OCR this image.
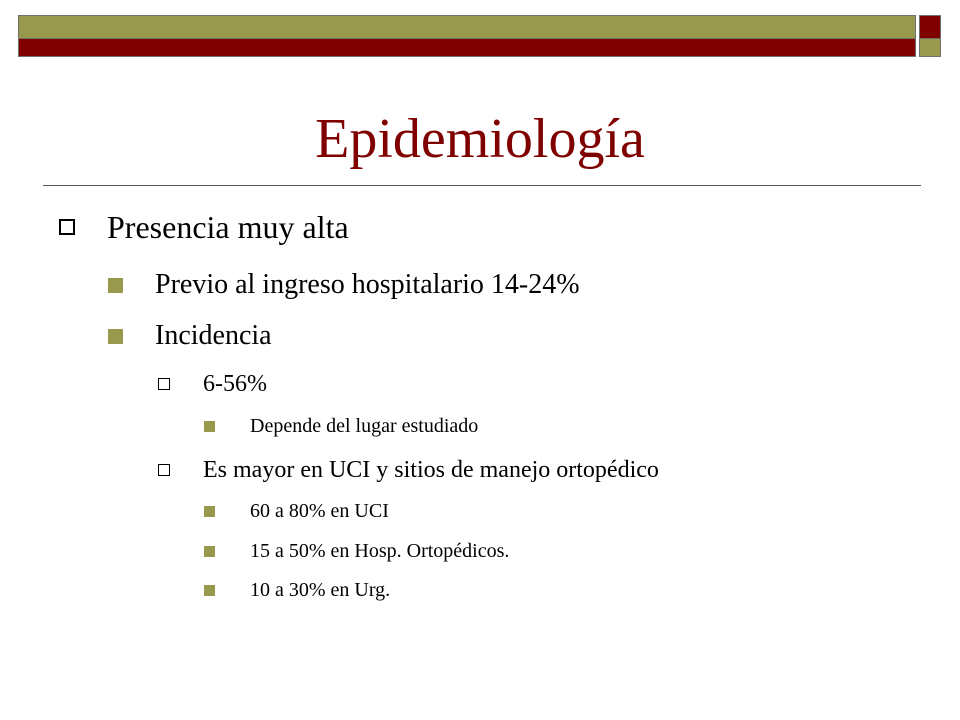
Epidemiología
Presencia muy alta
Previo al ingreso hospitalario 14-24%
Incidencia
6-56%
Depende del lugar estudiado
Es mayor en UCI y sitios de manejo ortopédico
60 a 80% en UCI
15 a 50% en Hosp. Ortopédicos.
10 a 30% en Urg.
